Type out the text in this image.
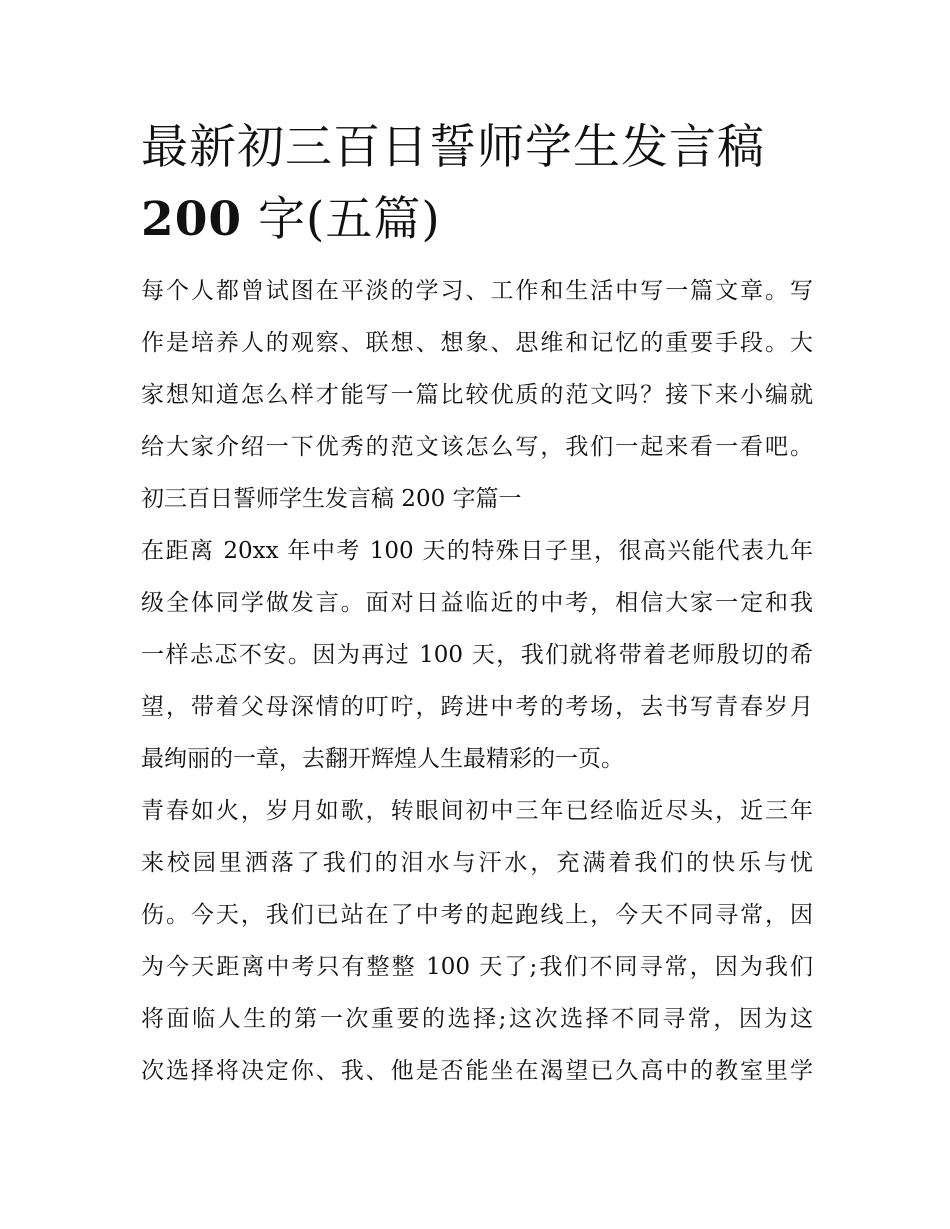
最新初三百日誓师学生发言稿
200 字(五篇)

每个人都曾试图在平淡的学习、工作和生活中写一篇文章。写
作是培养人的观察、联想、想象、思维和记忆的重要手段。大
家想知道怎么样才能写一篇比较优质的范文吗？接下来小编就
给大家介绍一下优秀的范文该怎么写，我们一起来看一看吧。

初三百日誓师学生发言稿 200 字篇一

在距离 20xx 年中考 100 天的特殊日子里，很高兴能代表九年
级全体同学做发言。面对日益临近的中考，相信大家一定和我
一样忐忑不安。因为再过 100 天，我们就将带着老师殷切的希
望，带着父母深情的叮咛，跨进中考的考场，去书写青春岁月
最绚丽的一章，去翻开辉煌人生最精彩的一页。

青春如火，岁月如歌，转眼间初中三年已经临近尽头，近三年
来校园里洒落了我们的泪水与汗水，充满着我们的快乐与忧
伤。今天，我们已站在了中考的起跑线上，今天不同寻常，因
为今天距离中考只有整整 100 天了;我们不同寻常，因为我们
将面临人生的第一次重要的选择;这次选择不同寻常，因为这
次选择将决定你、我、他是否能坐在渴望已久高中的教室里学
